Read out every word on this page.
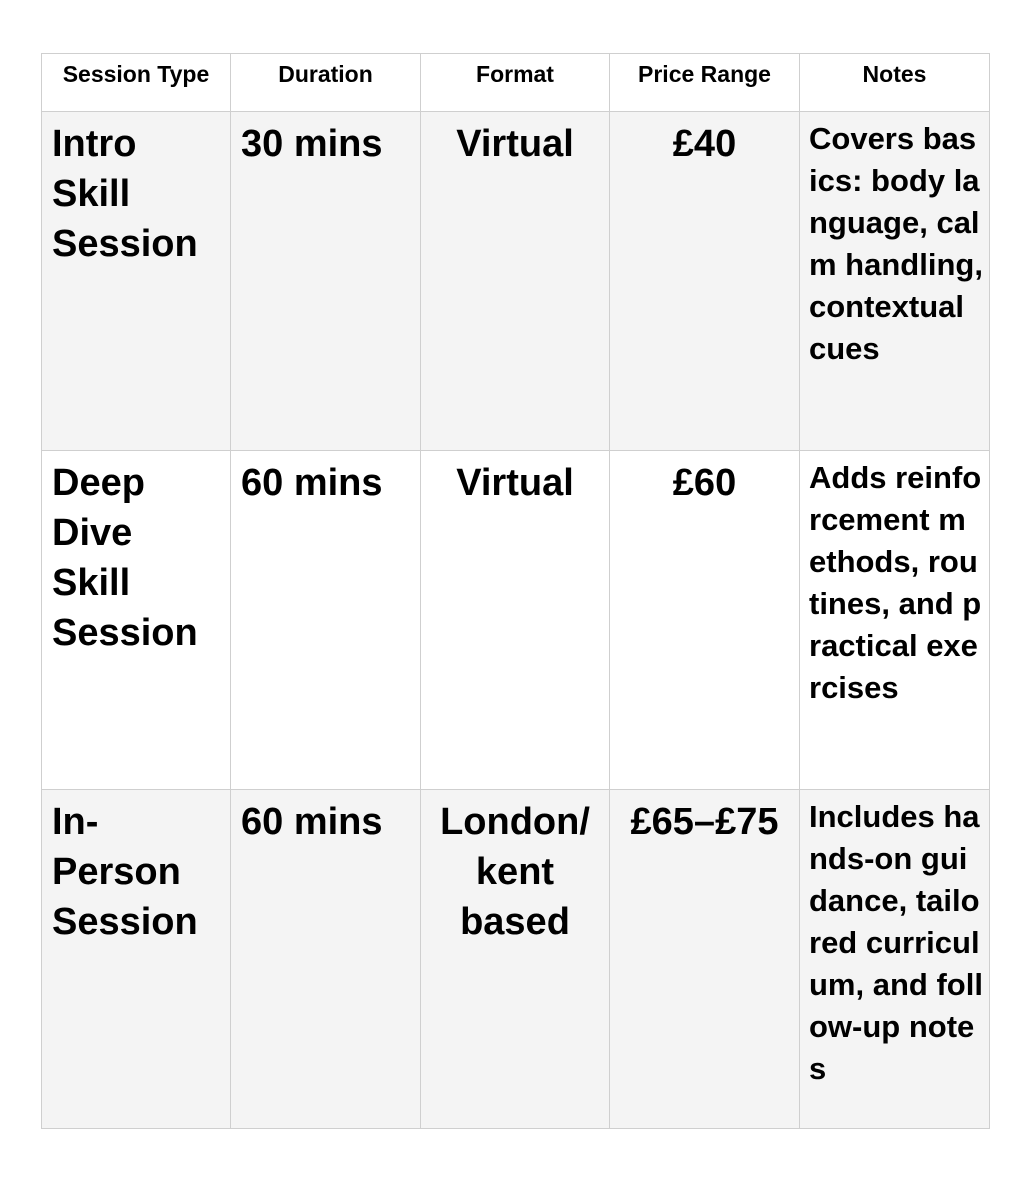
Session Type	Duration	Format	Price Range	Notes
Intro Skill Session	30 mins	Virtual	£40	Covers basics: body language, calm handling, contextual cues
Deep Dive Skill Session	60 mins	Virtual	£60	Adds reinforcement methods, routines, and practical exercises
In-Person Session	60 mins	London/ kent based	£65–£75	Includes hands-on guidance, tailored curriculum, and follow-up notes
